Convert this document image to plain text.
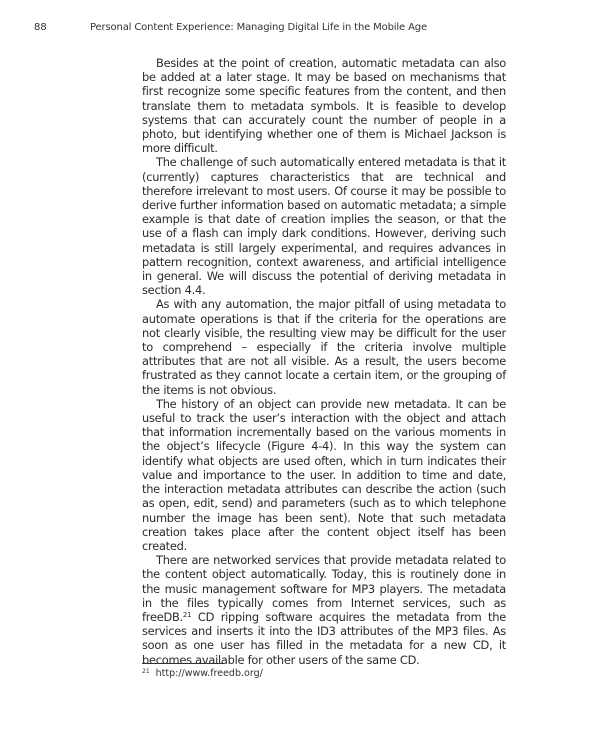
88	Personal Content Experience: Managing Digital Life in the Mobile Age

Besides at the point of creation, automatic metadata can also be added at a later stage. It may be based on mechanisms that first recognize some specific features from the content, and then translate them to metadata symbols. It is feasible to develop systems that can accurately count the number of people in a photo, but identifying whether one of them is Michael Jackson is more difficult.

The challenge of such automatically entered metadata is that it (currently) captures characteristics that are technical and therefore irrelevant to most users. Of course it may be possible to derive further information based on automatic metadata; a simple example is that date of creation implies the season, or that the use of a flash can imply dark conditions. However, deriving such metadata is still largely experimental, and requires advances in pattern recognition, context awareness, and artificial intelligence in general. We will discuss the potential of deriving metadata in section 4.4.

As with any automation, the major pitfall of using metadata to automate operations is that if the criteria for the operations are not clearly visible, the resulting view may be difficult for the user to comprehend – especially if the criteria involve multiple attributes that are not all visible. As a result, the users become frustrated as they cannot locate a certain item, or the grouping of the items is not obvious.

The history of an object can provide new metadata. It can be useful to track the user’s interaction with the object and attach that information incrementally based on the various moments in the object’s lifecycle (Figure 4-4). In this way the system can identify what objects are used often, which in turn indicates their value and importance to the user. In addition to time and date, the interaction metadata attributes can describe the action (such as open, edit, send) and parameters (such as to which telephone number the image has been sent). Note that such metadata creation takes place after the content object itself has been created.

There are networked services that provide metadata related to the content object automatically. Today, this is routinely done in the music management software for MP3 players. The metadata in the files typically comes from Internet services, such as freeDB.$^{21}$ CD ripping software acquires the metadata from the services and inserts it into the ID3 attributes of the MP3 files. As soon as one user has filled in the metadata for a new CD, it becomes available for other users of the same CD.

$^{21}$ http://www.freedb.org/
